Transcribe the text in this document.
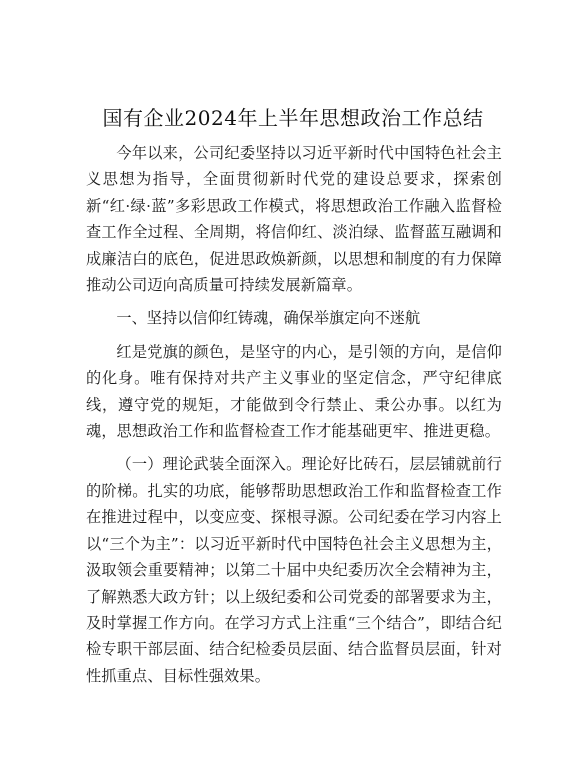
国有企业2024年上半年思想政治工作总结

今年以来，公司纪委坚持以习近平新时代中国特色社会主义思想为指导，全面贯彻新时代党的建设总要求，探索创新“红·绿·蓝”多彩思政工作模式，将思想政治工作融入监督检查工作全过程、全周期，将信仰红、淡泊绿、监督蓝互融调和成廉洁白的底色，促进思政焕新颜，以思想和制度的有力保障推动公司迈向高质量可持续发展新篇章。

一、坚持以信仰红铸魂，确保举旗定向不迷航

红是党旗的颜色，是坚守的内心，是引领的方向，是信仰的化身。唯有保持对共产主义事业的坚定信念，严守纪律底线，遵守党的规矩，才能做到令行禁止、秉公办事。以红为魂，思想政治工作和监督检查工作才能基础更牢、推进更稳。

（一）理论武装全面深入。理论好比砖石，层层铺就前行的阶梯。扎实的功底，能够帮助思想政治工作和监督检查工作在推进过程中，以变应变、探根寻源。公司纪委在学习内容上以“三个为主”：以习近平新时代中国特色社会主义思想为主，汲取领会重要精神；以第二十届中央纪委历次全会精神为主，了解熟悉大政方针；以上级纪委和公司党委的部署要求为主，及时掌握工作方向。在学习方式上注重“三个结合”，即结合纪检专职干部层面、结合纪检委员层面、结合监督员层面，针对性抓重点、目标性强效果。
